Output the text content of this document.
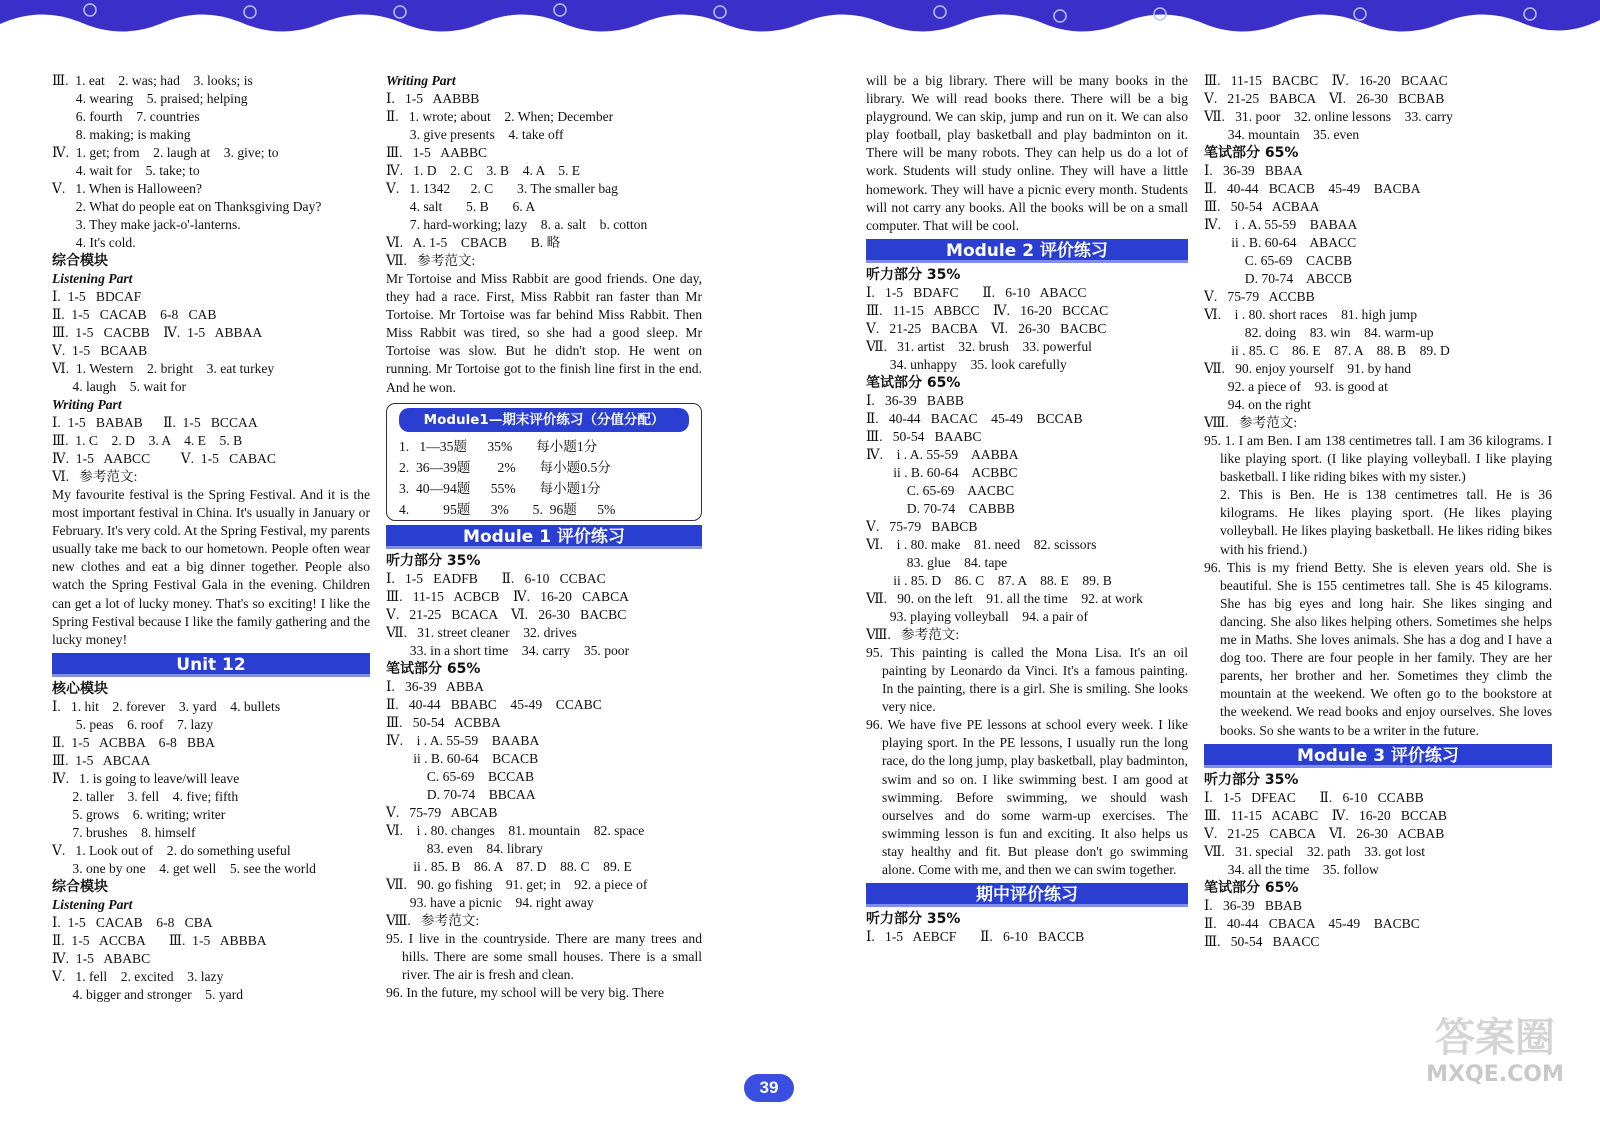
Ⅲ.  1. eat    2. was; had    3. looks; is
4. wearing    5. praised; helping
6. fourth    7. countries
8. making; is making
Ⅳ.  1. get; from    2. laugh at    3. give; to
4. wait for    5. take; to
Ⅴ.   1. When is Halloween?
2. What do people eat on Thanksgiving Day?
3. They make jack-o'-lanterns.
4. It's cold.
综合模块
Listening Part
Ⅰ.  1-5   BDCAF
Ⅱ.  1-5   CACAB    6-8   CAB
Ⅲ.  1-5   CACBB    Ⅳ.  1-5   ABBAA
Ⅴ.  1-5   BCAAB
Ⅵ.  1. Western    2. bright    3. eat turkey
4. laugh    5. wait for
Writing Part
Ⅰ.  1-5   BABAB      Ⅱ.  1-5   BCCAA
Ⅲ.  1. C    2. D    3. A    4. E    5. B
Ⅳ.  1-5   AABCC         Ⅴ.  1-5   CABAC
Ⅵ.   参考范文:
My favourite festival is the Spring Festival. And it is the most important festival in China. It's usually in January or February. It's very cold. At the Spring Festival, my parents usually take me back to our hometown. People often wear new clothes and eat a big dinner together. People also watch the Spring Festival Gala in the evening. Children can get a lot of lucky money. That's so exciting! I like the Spring Festival because I like the family gathering and the lucky money!
Unit 12
核心模块
Ⅰ.   1. hit    2. forever    3. yard    4. bullets
5. peas    6. roof    7. lazy
Ⅱ.  1-5   ACBBA    6-8   BBA
Ⅲ.  1-5   ABCAA
Ⅳ.   1. is going to leave/will leave
2. taller    3. fell    4. five; fifth
5. grows    6. writing; writer
7. brushes    8. himself
Ⅴ.   1. Look out of    2. do something useful
3. one by one    4. get well    5. see the world
综合模块
Listening Part
Ⅰ.  1-5   CACAB    6-8   CBA
Ⅱ.  1-5   ACCBA       Ⅲ.  1-5   ABBBA
Ⅳ.  1-5   ABABC
Ⅴ.   1. fell    2. excited    3. lazy
4. bigger and stronger    5. yard
Writing Part
Ⅰ.   1-5   AABBB
Ⅱ.   1. wrote; about    2. When; December
3. give presents    4. take off
Ⅲ.   1-5   AABBC
Ⅳ.   1. D    2. C    3. B    4. A    5. E
Ⅴ.   1. 1342      2. C       3. The smaller bag
4. salt       5. B       6. A
7. hard-working; lazy    8. a. salt    b. cotton
Ⅵ.   A. 1-5    CBACB       B. 略
Ⅶ.   参考范文:
Mr Tortoise and Miss Rabbit are good friends. One day, they had a race. First, Miss Rabbit ran faster than Mr Tortoise. Mr Tortoise was far behind Miss Rabbit. Then Miss Rabbit was tired, so she had a good sleep. Mr Tortoise was slow. But he didn't stop. He went on running. Mr Tortoise got to the finish line first in the end. And he won.
Module1—期末评价练习（分值分配）
1.   1—35题      35%       每小题1分
2.  36—39题        2%       每小题0.5分
3.  40—94题      55%       每小题1分
4.          95题      3%       5.  96题      5%
Module 1 评价练习
听力部分 35%
Ⅰ.   1-5   EADFB       Ⅱ.   6-10   CCBAC
Ⅲ.   11-15   ACBCB    Ⅳ.   16-20   CABCA
Ⅴ.   21-25   BCACA    Ⅵ.   26-30   BACBC
Ⅶ.   31. street cleaner    32. drives
33. in a short time    34. carry    35. poor
笔试部分 65%
Ⅰ.   36-39   ABBA
Ⅱ.   40-44   BBABC    45-49    CCABC
Ⅲ.   50-54   ACBBA
Ⅳ.    i . A. 55-59    BAABA
ii . B. 60-64    BCACB
C. 65-69    BCCAB
D. 70-74    BBCAA
Ⅴ.   75-79   ABCAB
Ⅵ.    i . 80. changes    81. mountain    82. space
83. even    84. library
ii . 85. B    86. A    87. D    88. C    89. E
Ⅶ.   90. go fishing    91. get; in    92. a piece of
93. have a picnic    94. right away
Ⅷ.   参考范文:
95. I live in the countryside. There are many trees and hills. There are some small houses. There is a small river. The air is fresh and clean.
96. In the future, my school will be very big. There
will be a big library. There will be many books in the library. We will read books there. There will be a big playground. We can skip, jump and run on it. We can also play football, play basketball and play badminton on it. There will be many robots. They can help us do a lot of work. Students will study online. They will have a little homework. They will have a picnic every month. Students will not carry any books. All the books will be on a small computer. That will be cool.
Module 2 评价练习
听力部分 35%
Ⅰ.   1-5   BDAFC       Ⅱ.   6-10   ABACC
Ⅲ.   11-15   ABBCC    Ⅳ.   16-20   BCCAC
Ⅴ.   21-25   BACBA    Ⅵ.   26-30   BACBC
Ⅶ.   31. artist    32. brush    33. powerful
34. unhappy    35. look carefully
笔试部分 65%
Ⅰ.   36-39   BABB
Ⅱ.   40-44   BACAC    45-49    BCCAB
Ⅲ.   50-54   BAABC
Ⅳ.    i . A. 55-59    AABBA
ii . B. 60-64    ACBBC
C. 65-69    AACBC
D. 70-74    CABBB
Ⅴ.   75-79   BABCB
Ⅵ.    i . 80. make    81. need    82. scissors
83. glue    84. tape
ii . 85. D    86. C    87. A    88. E    89. B
Ⅶ.   90. on the left    91. all the time    92. at work
93. playing volleyball    94. a pair of
Ⅷ.   参考范文:
95. This painting is called the Mona Lisa. It's an oil painting by Leonardo da Vinci. It's a famous painting. In the painting, there is a girl. She is smiling. She looks very nice.
96. We have five PE lessons at school every week. I like playing sport. In the PE lessons, I usually run the long race, do the long jump, play basketball, play badminton, swim and so on. I like swimming best. I am good at swimming. Before swimming, we should wash ourselves and do some warm-up exercises. The swimming lesson is fun and exciting. It also helps us stay healthy and fit. But please don't go swimming alone. Come with me, and then we can swim together.
期中评价练习
听力部分 35%
Ⅰ.   1-5   AEBCF       Ⅱ.   6-10   BACCB
Ⅲ.   11-15   BACBC    Ⅳ.   16-20   BCAAC
Ⅴ.   21-25   BABCA    Ⅵ.   26-30   BCBAB
Ⅶ.   31. poor    32. online lessons    33. carry
34. mountain    35. even
笔试部分 65%
Ⅰ.   36-39   BBAA
Ⅱ.   40-44   BCACB    45-49    BACBA
Ⅲ.   50-54   ACBAA
Ⅳ.    i . A. 55-59    BABAA
ii . B. 60-64    ABACC
C. 65-69    CACBB
D. 70-74    ABCCB
Ⅴ.   75-79   ACCBB
Ⅵ.    i . 80. short races    81. high jump
82. doing    83. win    84. warm-up
ii . 85. C    86. E    87. A    88. B    89. D
Ⅶ.   90. enjoy yourself    91. by hand
92. a piece of    93. is good at
94. on the right
Ⅷ.   参考范文:
95. 1. I am Ben. I am 138 centimetres tall. I am 36 kilograms. I like playing sport. (I like playing volleyball. I like playing basketball. I like riding bikes with my sister.)
2. This is Ben. He is 138 centimetres tall. He is 36 kilograms. He likes playing sport. (He likes playing volleyball. He likes playing basketball. He likes riding bikes with his friend.)
96. This is my friend Betty. She is eleven years old. She is beautiful. She is 155 centimetres tall. She is 45 kilograms. She has big eyes and long hair. She likes singing and dancing. She also likes helping others. Sometimes she helps me in Maths. She loves animals. She has a dog and I have a dog too. There are four people in her family. They are her parents, her brother and her. Sometimes they climb the mountain at the weekend. We often go to the bookstore at the weekend. We read books and enjoy ourselves. She loves books. So she wants to be a writer in the future.
Module 3 评价练习
听力部分 35%
Ⅰ.   1-5   DFEAC       Ⅱ.   6-10   CCABB
Ⅲ.   11-15   ACABC    Ⅳ.   16-20   BCCAB
Ⅴ.   21-25   CABCA    Ⅵ.   26-30   ACBAB
Ⅶ.   31. special    32. path    33. got lost
34. all the time    35. follow
笔试部分 65%
Ⅰ.   36-39   BBAB
Ⅱ.   40-44   CBACA    45-49    BACBC
Ⅲ.   50-54   BAACC
39
答案圈
MXQE.COM
